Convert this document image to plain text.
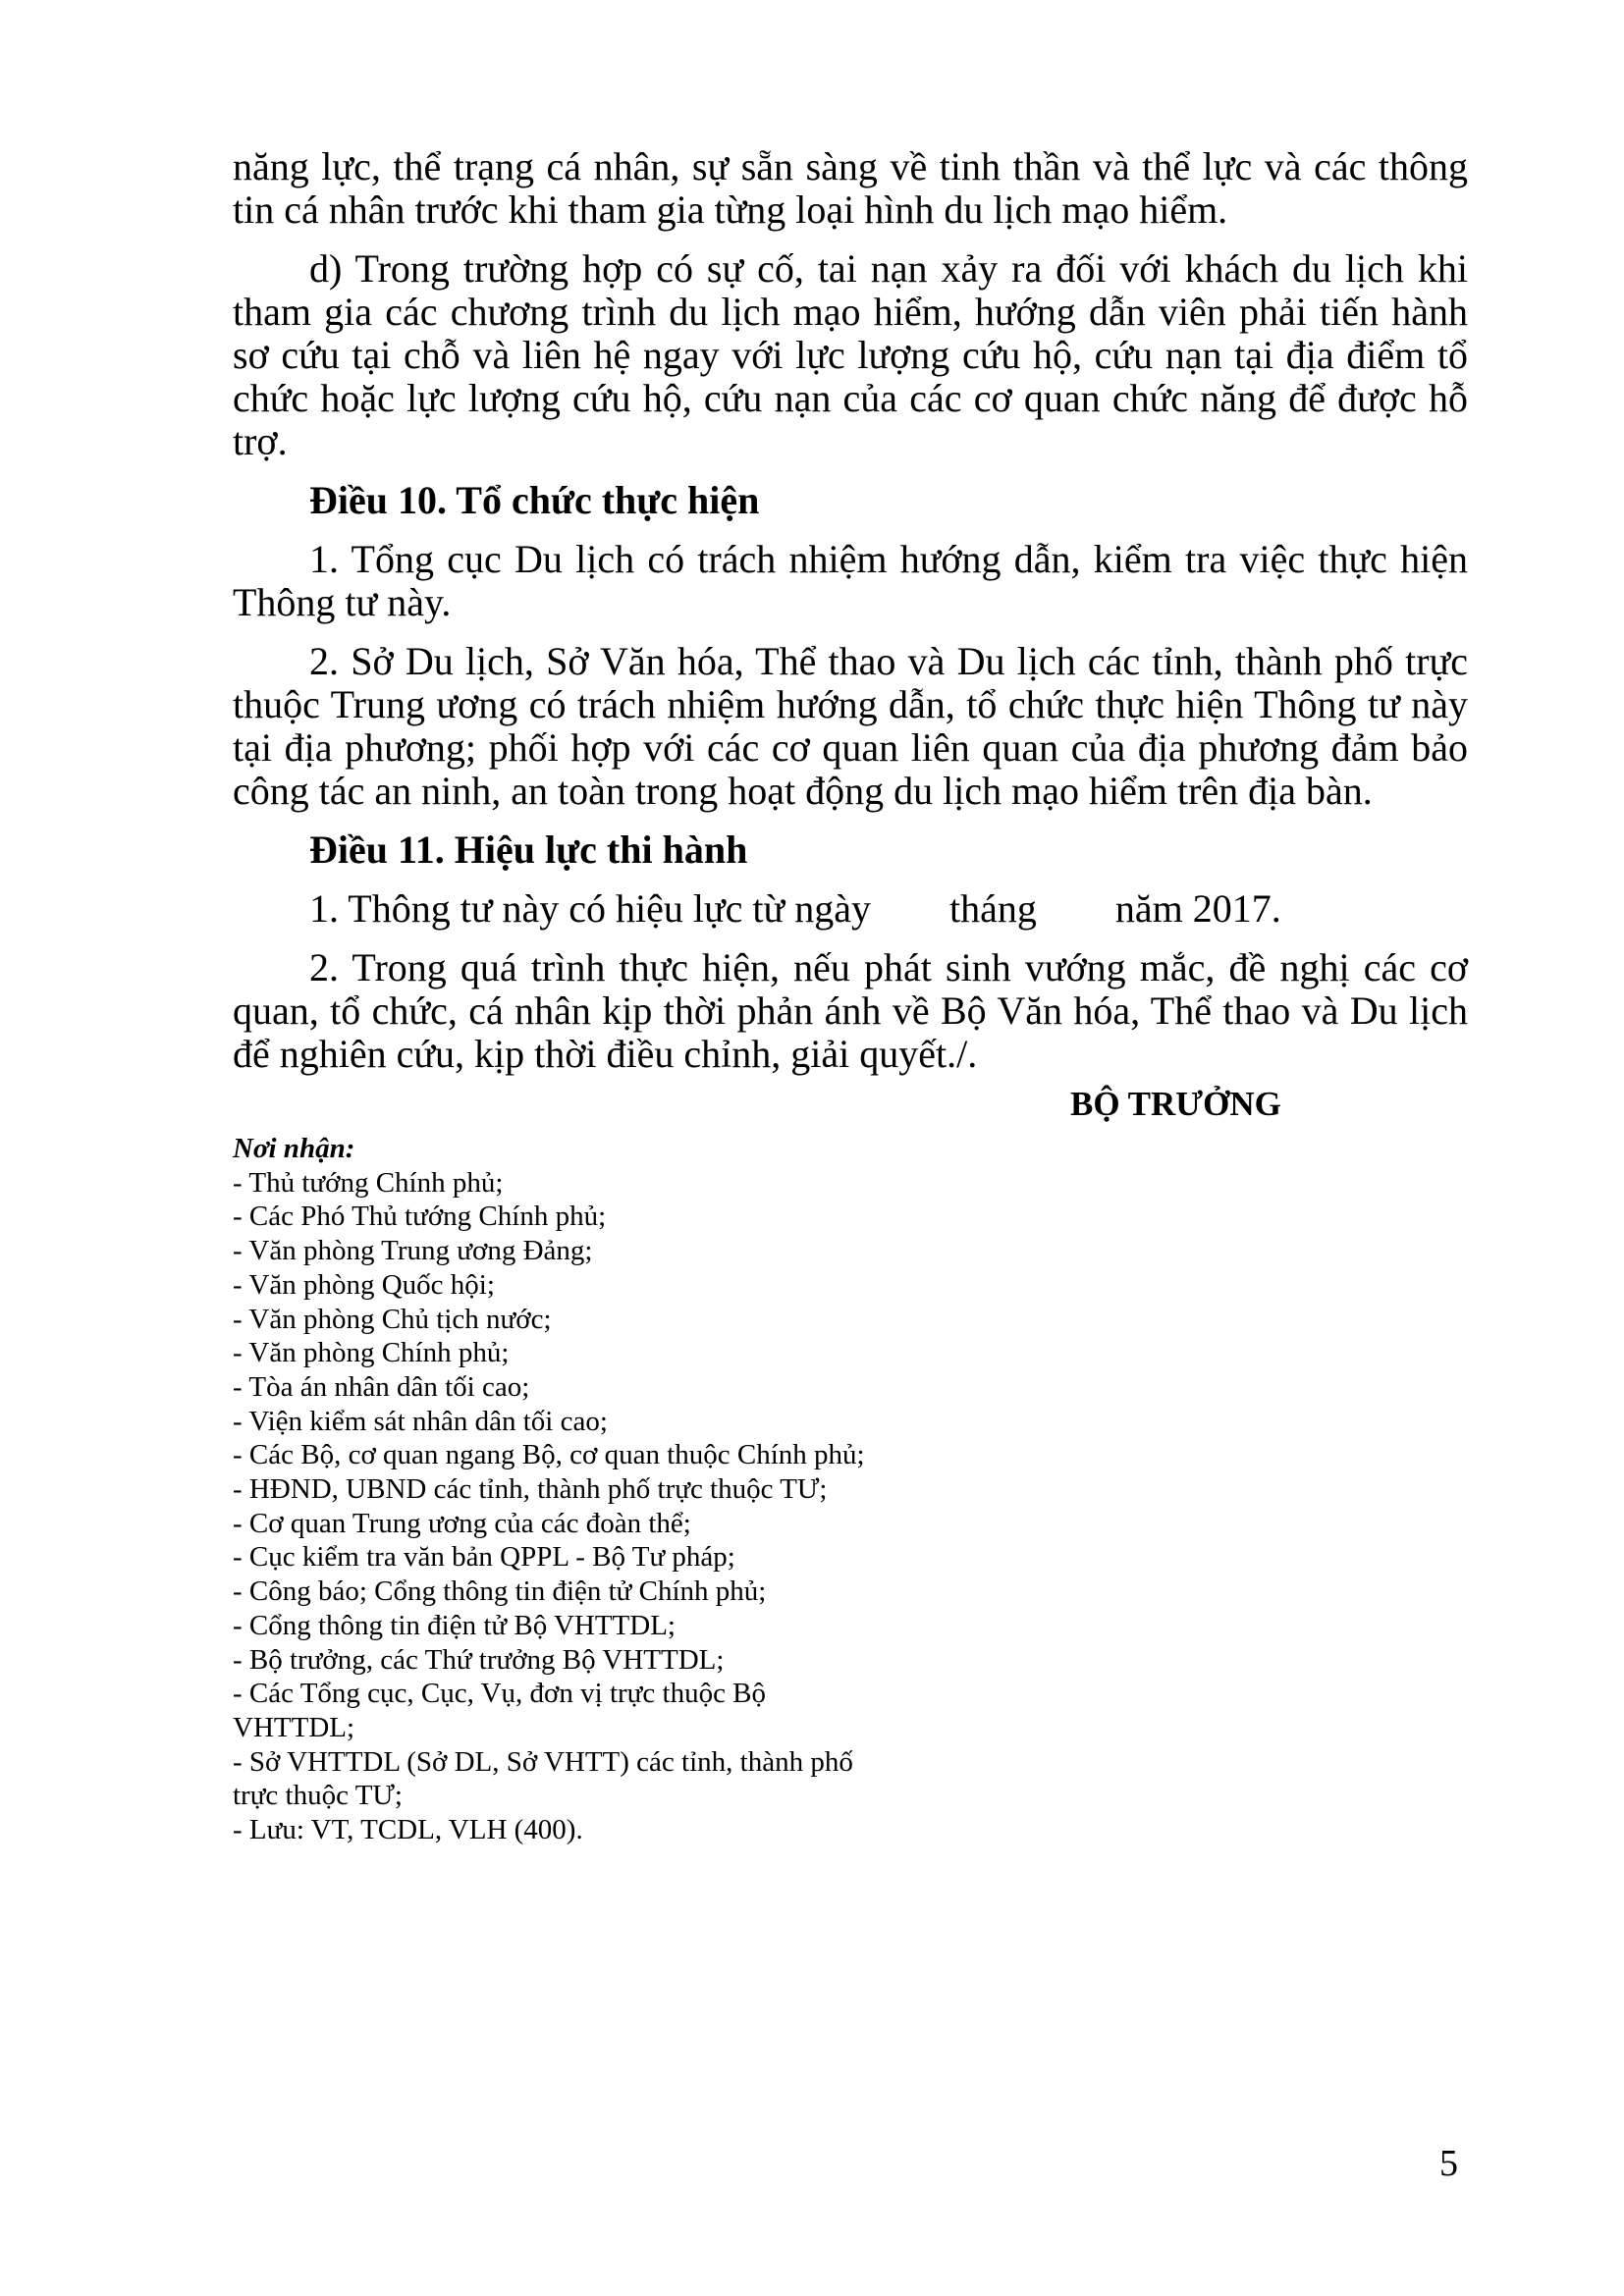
năng lực, thể trạng cá nhân, sự sẵn sàng về tinh thần và thể lực và các thông tin cá nhân trước khi tham gia từng loại hình du lịch mạo hiểm.

d) Trong trường hợp có sự cố, tai nạn xảy ra đối với khách du lịch khi tham gia các chương trình du lịch mạo hiểm, hướng dẫn viên phải tiến hành sơ cứu tại chỗ và liên hệ ngay với lực lượng cứu hộ, cứu nạn tại địa điểm tổ chức hoặc lực lượng cứu hộ, cứu nạn của các cơ quan chức năng để được hỗ trợ.

Điều 10. Tổ chức thực hiện

1. Tổng cục Du lịch có trách nhiệm hướng dẫn, kiểm tra việc thực hiện Thông tư này.

2. Sở Du lịch, Sở Văn hóa, Thể thao và Du lịch các tỉnh, thành phố trực thuộc Trung ương có trách nhiệm hướng dẫn, tổ chức thực hiện Thông tư này tại địa phương; phối hợp với các cơ quan liên quan của địa phương đảm bảo công tác an ninh, an toàn trong hoạt động du lịch mạo hiểm trên địa bàn.

Điều 11. Hiệu lực thi hành

1. Thông tư này có hiệu lực từ ngày tháng năm 2017.

2. Trong quá trình thực hiện, nếu phát sinh vướng mắc, đề nghị các cơ quan, tổ chức, cá nhân kịp thời phản ánh về Bộ Văn hóa, Thể thao và Du lịch để nghiên cứu, kịp thời điều chỉnh, giải quyết./.

BỘ TRƯỞNG

Nơi nhận:

- Thủ tướng Chính phủ;
- Các Phó Thủ tướng Chính phủ;
- Văn phòng Trung ương Đảng;
- Văn phòng Quốc hội;
- Văn phòng Chủ tịch nước;
- Văn phòng Chính phủ;
- Tòa án nhân dân tối cao;
- Viện kiểm sát nhân dân tối cao;
- Các Bộ, cơ quan ngang Bộ, cơ quan thuộc Chính phủ;
- HĐND, UBND các tỉnh, thành phố trực thuộc TƯ;
- Cơ quan Trung ương của các đoàn thể;
- Cục kiểm tra văn bản QPPL - Bộ Tư pháp;
- Công báo; Cổng thông tin điện tử Chính phủ;
- Cổng thông tin điện tử Bộ VHTTDL;
- Bộ trưởng, các Thứ trưởng Bộ VHTTDL;
- Các Tổng cục, Cục, Vụ, đơn vị trực thuộc Bộ VHTTDL;
- Sở VHTTDL (Sở DL, Sở VHTT) các tỉnh, thành phố trực thuộc TƯ;
- Lưu: VT, TCDL, VLH (400).
5
